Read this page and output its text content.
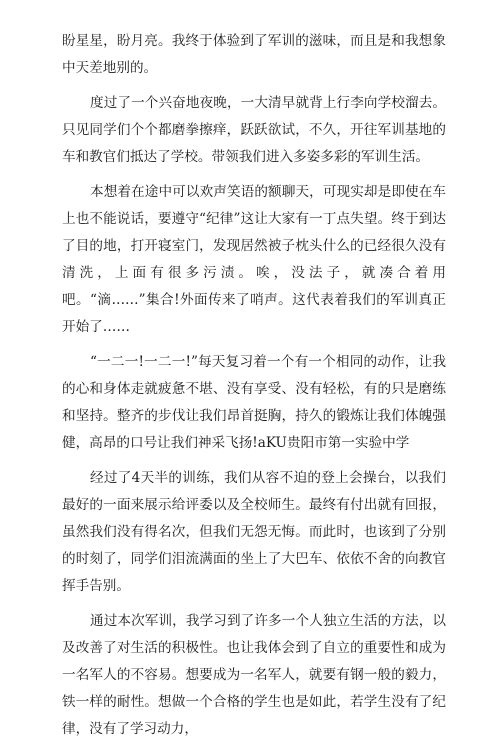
盼星星，盼月亮。我终于体验到了军训的滋味，而且是和我想象中天差地别的。

度过了一个兴奋地夜晚，一大清早就背上行李向学校溜去。只见同学们个个都磨拳擦痒，跃跃欲试，不久，开往军训基地的车和教官们抵达了学校。带领我们进入多姿多彩的军训生活。

本想着在途中可以欢声笑语的额聊天，可现实却是即使在车上也不能说话，要遵守“纪律”这让大家有一丁点失望。终于到达了目的地，打开寝室门，发现居然被子枕头什么的已经很久没有清洗，上面有很多污渍。唉，没法子，就凑合着用吧。“滴……”集合!外面传来了哨声。这代表着我们的军训真正开始了……

“一二一!一二一!”每天复习着一个有一个相同的动作，让我的心和身体走就疲惫不堪、没有享受、没有轻松，有的只是磨练和坚持。整齐的步伐让我们昂首挺胸，持久的锻炼让我们体魄强健，高昂的口号让我们神采飞扬!aKU贵阳市第一实验中学

经过了4天半的训练，我们从容不迫的登上会操台，以我们最好的一面来展示给评委以及全校师生。最终有付出就有回报，虽然我们没有得名次，但我们无怨无悔。而此时，也该到了分别的时刻了，同学们泪流满面的坐上了大巴车、依依不舍的向教官挥手告别。

通过本次军训，我学习到了许多一个人独立生活的方法，以及改善了对生活的积极性。也让我体会到了自立的重要性和成为一名军人的不容易。想要成为一名军人，就要有钢一般的毅力，铁一样的耐性。想做一个合格的学生也是如此，若学生没有了纪律，没有了学习动力，
